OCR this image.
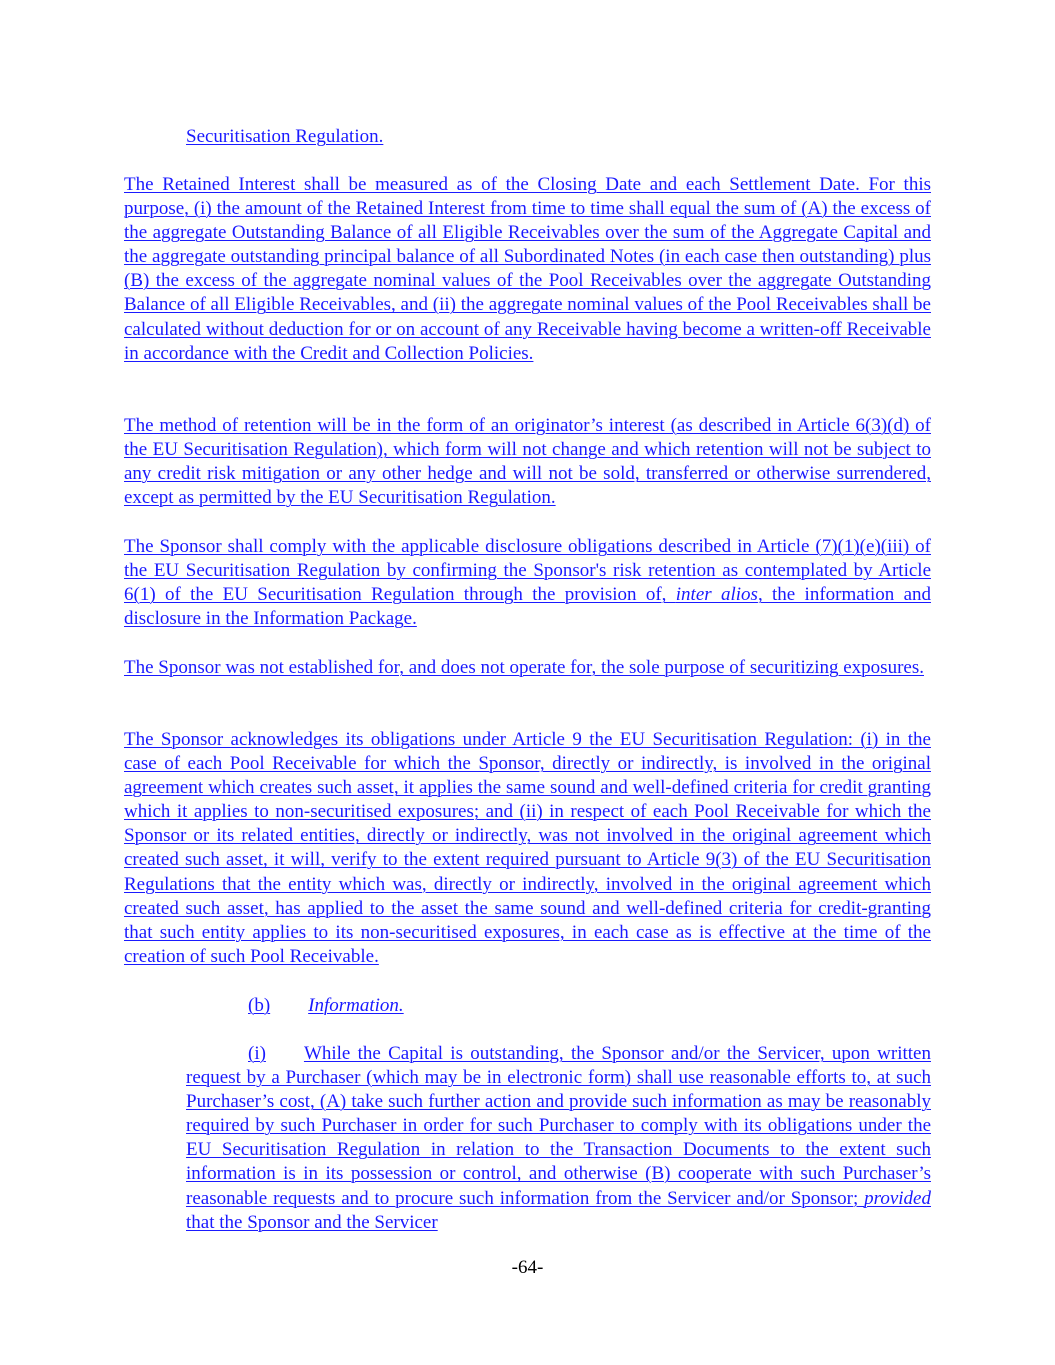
Securitisation Regulation.

The Retained Interest shall be measured as of the Closing Date and each Settlement Date. For this purpose, (i) the amount of the Retained Interest from time to time shall equal the sum of (A) the excess of the aggregate Outstanding Balance of all Eligible Receivables over the sum of the Aggregate Capital and the aggregate outstanding principal balance of all Subordinated Notes (in each case then outstanding) plus (B) the excess of the aggregate nominal values of the Pool Receivables over the aggregate Outstanding Balance of all Eligible Receivables, and (ii) the aggregate nominal values of the Pool Receivables shall be calculated without deduction for or on account of any Receivable having become a written-off Receivable in accordance with the Credit and Collection Policies.

The method of retention will be in the form of an originator’s interest (as described in Article 6(3)(d) of the EU Securitisation Regulation), which form will not change and which retention will not be subject to any credit risk mitigation or any other hedge and will not be sold, transferred or otherwise surrendered, except as permitted by the EU Securitisation Regulation.

The Sponsor shall comply with the applicable disclosure obligations described in Article (7)(1)(e)(iii) of the EU Securitisation Regulation by confirming the Sponsor's risk retention as contemplated by Article 6(1) of the EU Securitisation Regulation through the provision of, inter alios, the information and disclosure in the Information Package.

The Sponsor was not established for, and does not operate for, the sole purpose of securitizing exposures.

The Sponsor acknowledges its obligations under Article 9 the EU Securitisation Regulation: (i) in the case of each Pool Receivable for which the Sponsor, directly or indirectly, is involved in the original agreement which creates such asset, it applies the same sound and well-defined criteria for credit granting which it applies to non-securitised exposures; and (ii) in respect of each Pool Receivable for which the Sponsor or its related entities, directly or indirectly, was not involved in the original agreement which created such asset, it will, verify to the extent required pursuant to Article 9(3) of the EU Securitisation Regulations that the entity which was, directly or indirectly, involved in the original agreement which created such asset, has applied to the asset the same sound and well-defined criteria for credit-granting that such entity applies to its non-securitised exposures, in each case as is effective at the time of the creation of such Pool Receivable.

(b) Information.

(i) While the Capital is outstanding, the Sponsor and/or the Servicer, upon written request by a Purchaser (which may be in electronic form) shall use reasonable efforts to, at such Purchaser’s cost, (A) take such further action and provide such information as may be reasonably required by such Purchaser in order for such Purchaser to comply with its obligations under the EU Securitisation Regulation in relation to the Transaction Documents to the extent such information is in its possession or control, and otherwise (B) cooperate with such Purchaser’s reasonable requests and to procure such information from the Servicer and/or Sponsor; provided that the Sponsor and the Servicer

-64-
